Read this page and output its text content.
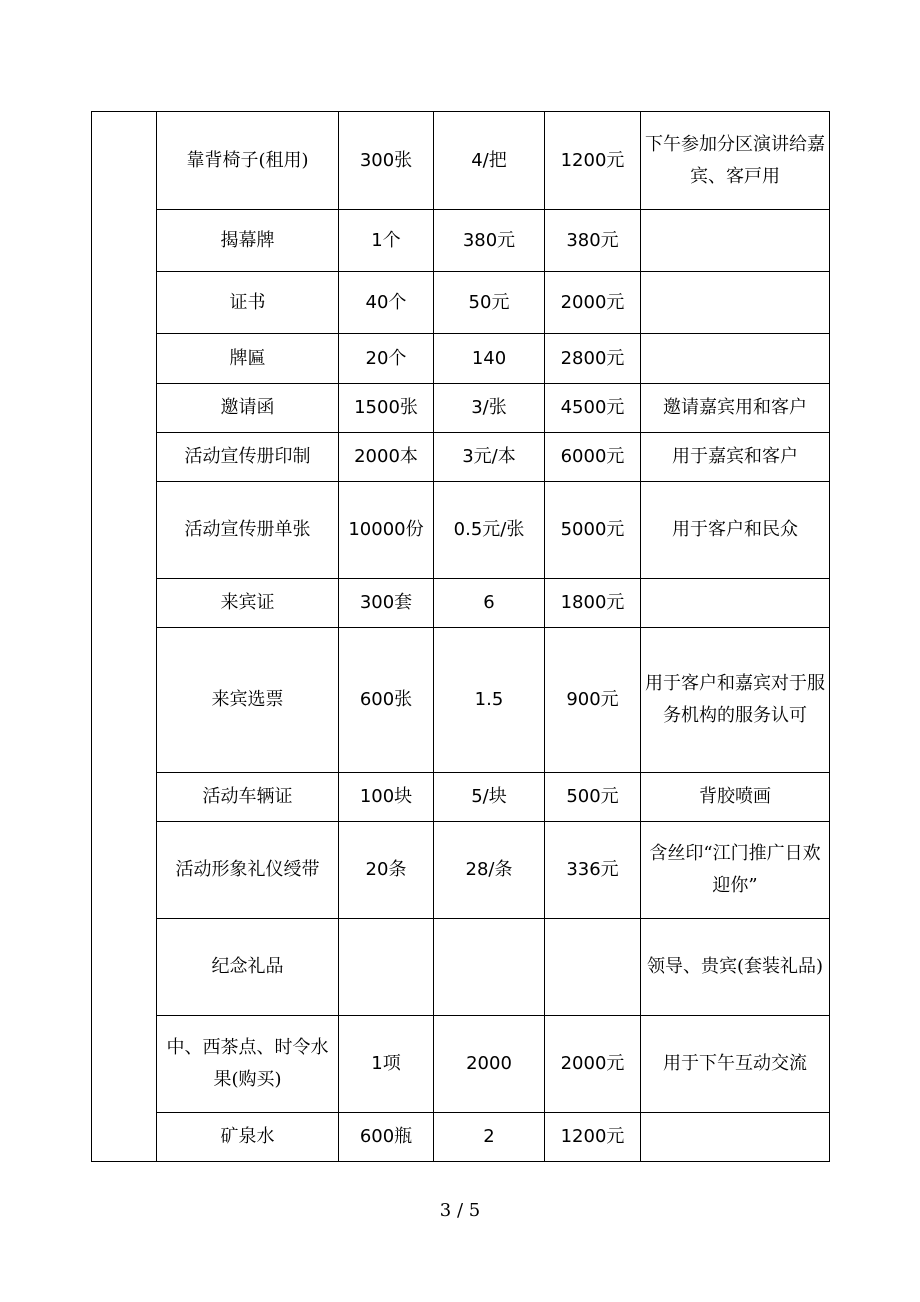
	靠背椅子(租用)	300张	4/把	1200元	下午参加分区演讲给嘉宾、客戸用
	揭幕牌	1个	380元	380元	
	证书	40个	50元	2000元	
	牌匾	20个	140	2800元	
	邀请函	1500张	3/张	4500元	邀请嘉宾用和客户
	活动宣传册印制	2000本	3元/本	6000元	用于嘉宾和客户
	活动宣传册单张	10000份	0.5元/张	5000元	用于客户和民众
	来宾证	300套	6	1800元	
	来宾选票	600张	1.5	900元	用于客户和嘉宾对于服务机构的服务认可
	活动车辆证	100块	5/块	500元	背胶喷画
	活动形象礼仪绶带	20条	28/条	336元	含丝印“江门推广日欢迎你”
	纪念礼品				领导、贵宾(套装礼品)
	中、西茶点、时令水果(购买)	1项	2000	2000元	用于下午互动交流
	矿泉水	600瓶	2	1200元	
3 / 5
